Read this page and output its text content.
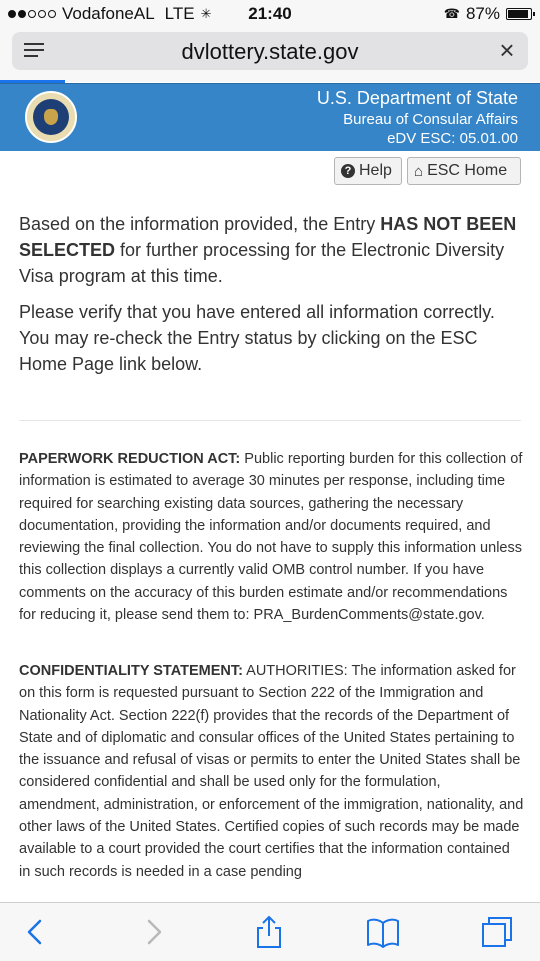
VodafoneAL LTE ✳	21:40	☎ 87%
dvlottery.state.gov	×
U.S. Department of State
Bureau of Consular Affairs
eDV ESC: 05.01.00
? Help ⌂ ESC Home

Based on the information provided, the Entry HAS NOT BEEN SELECTED for further processing for the Electronic Diversity Visa program at this time.

Please verify that you have entered all information correctly. You may re-check the Entry status by clicking on the ESC Home Page link below.

PAPERWORK REDUCTION ACT: Public reporting burden for this collection of information is estimated to average 30 minutes per response, including time required for searching existing data sources, gathering the necessary documentation, providing the information and/or documents required, and reviewing the final collection. You do not have to supply this information unless this collection displays a currently valid OMB control number. If you have comments on the accuracy of this burden estimate and/or recommendations for reducing it, please send them to: PRA_BurdenComments@state.gov.

CONFIDENTIALITY STATEMENT: AUTHORITIES: The information asked for on this form is requested pursuant to Section 222 of the Immigration and Nationality Act. Section 222(f) provides that the records of the Department of State and of diplomatic and consular offices of the United States pertaining to the issuance and refusal of visas or permits to enter the United States shall be considered confidential and shall be used only for the formulation, amendment, administration, or enforcement of the immigration, nationality, and other laws of the United States. Certified copies of such records may be made available to a court provided the court certifies that the information contained in such records is needed in a case pending
